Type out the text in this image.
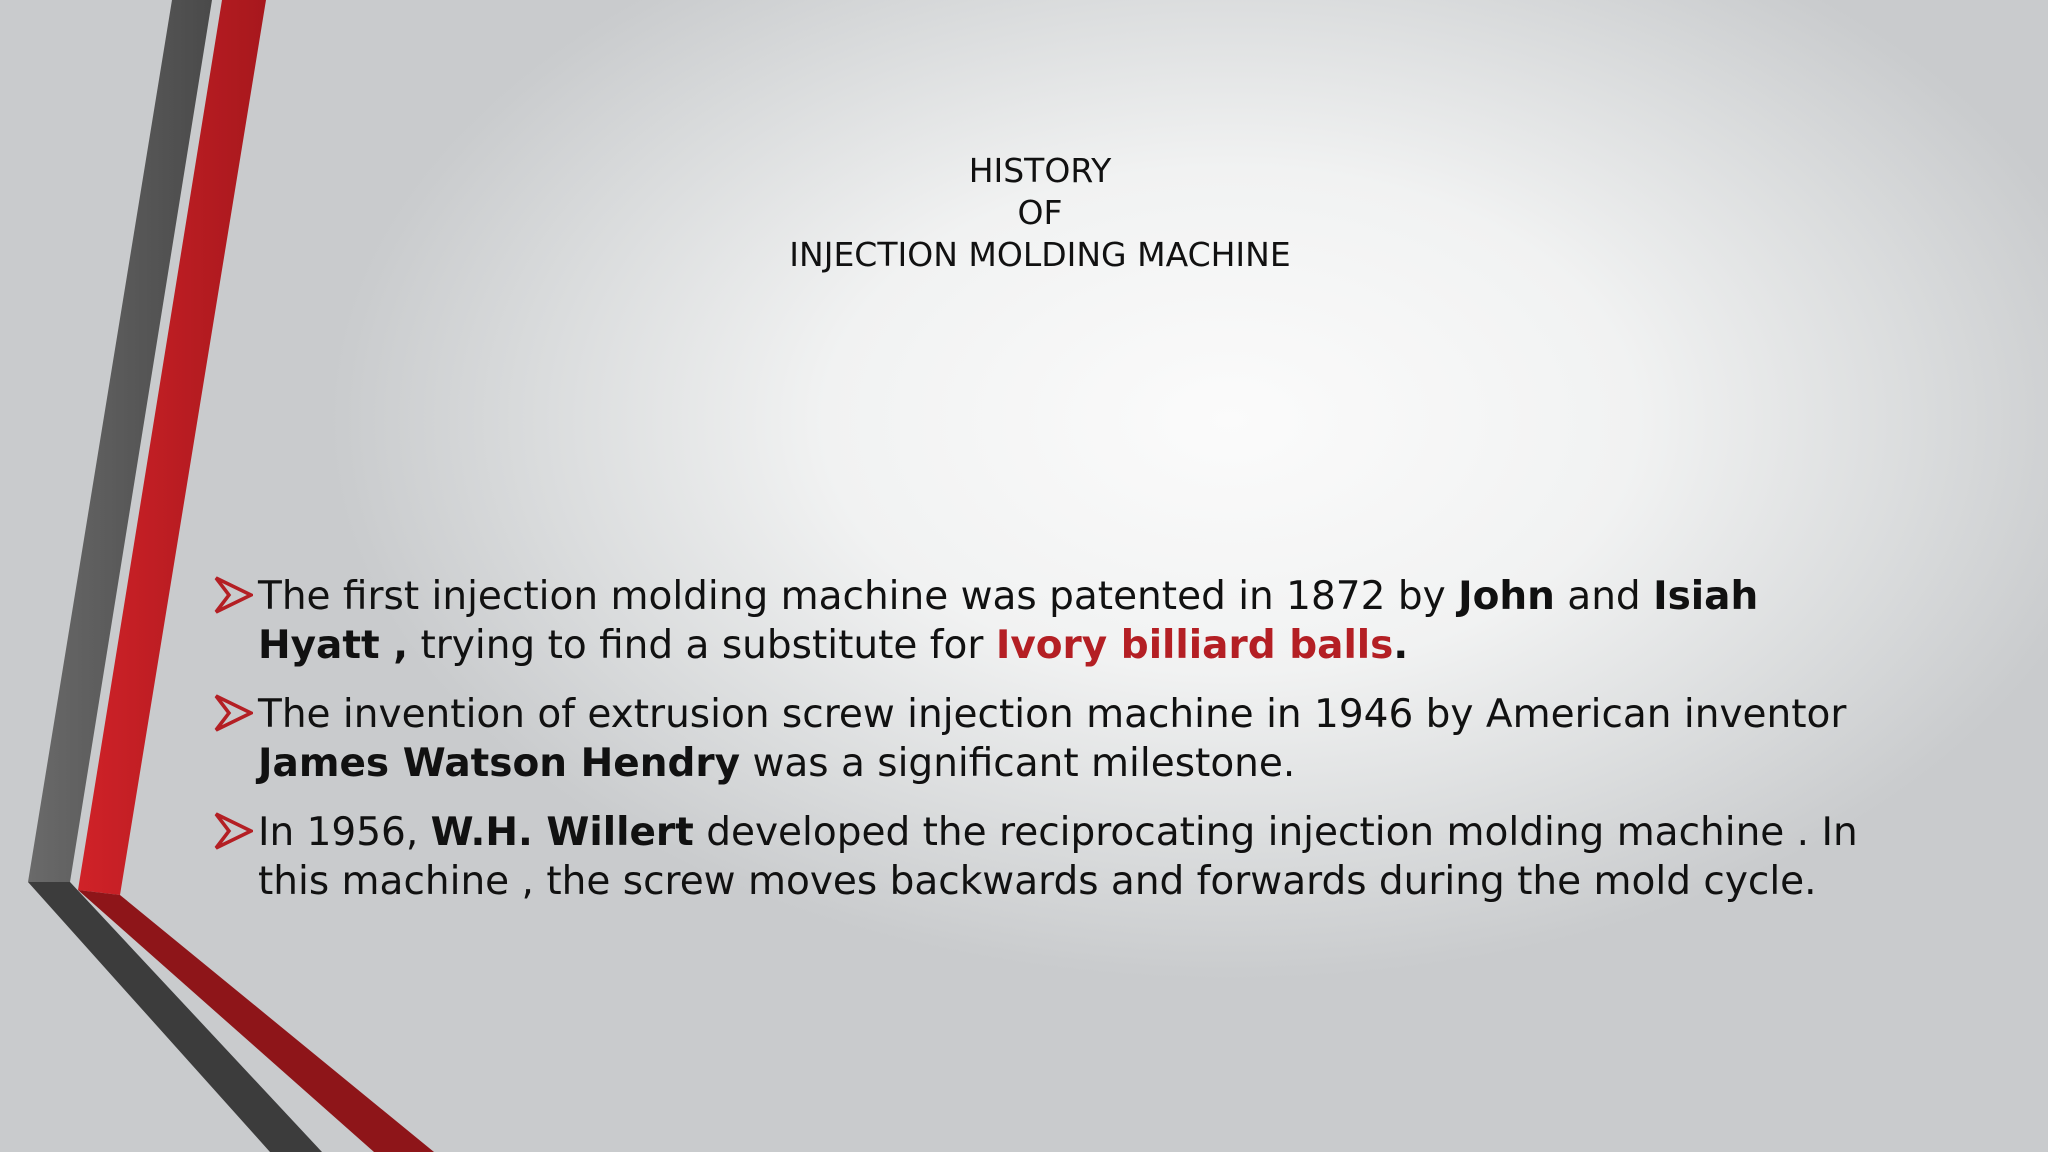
HISTORY
OF
INJECTION MOLDING MACHINE
The first injection molding machine was patented in 1872 by John and Isiah Hyatt , trying to find a substitute for Ivory billiard balls.
The invention of extrusion screw injection machine in 1946 by American inventor James Watson Hendry was a significant milestone.
In 1956, W.H. Willert developed the reciprocating injection molding machine . In this machine , the screw moves backwards and forwards during the mold cycle.
